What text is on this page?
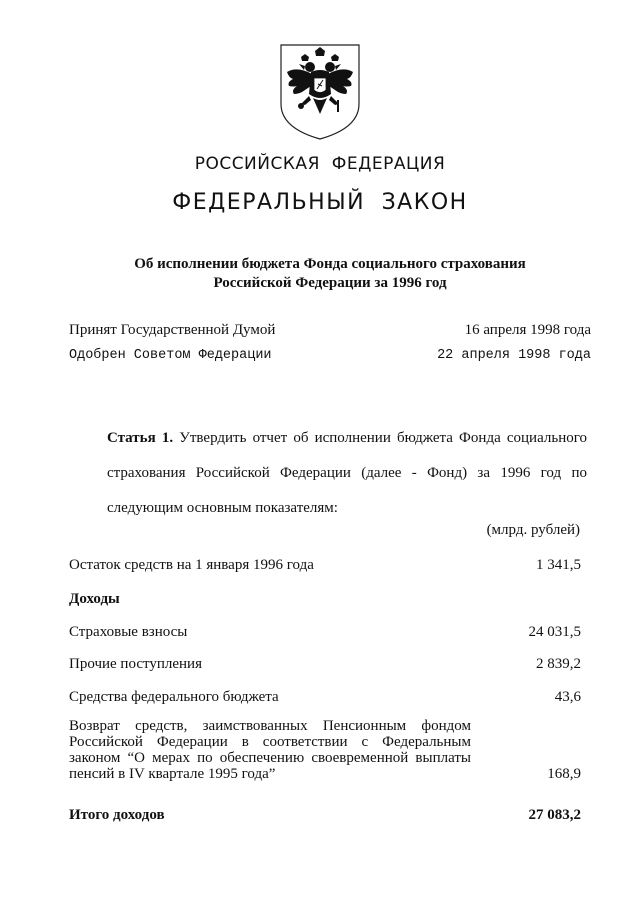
РОССИЙСКАЯ ФЕДЕРАЦИЯ
ФЕДЕРАЛЬНЫЙ ЗАКОН
Об исполнении бюджета Фонда социального страхования
Российской Федерации за 1996 год
Принят Государственной Думой	16 апреля 1998 года
Одобрен Советом Федерации	22 апреля 1998 года
Статья 1. Утвердить отчет об исполнении бюджета Фонда социального страхования Российской Федерации (далее - Фонд) за 1996 год по следующим основным показателям:
(млрд. рублей)
Остаток средств на 1 января 1996 года	1 341,5
Доходы
Страховые взносы	24 031,5
Прочие поступления	2 839,2
Средства федерального бюджета	43,6
Возврат средств, заимствованных Пенсионным фондом Российской Федерации в соответствии с Федеральным законом “О мерах по обеспечению своевременной выплаты пенсий в IV квартале 1995 года”	168,9
Итого доходов	27 083,2
